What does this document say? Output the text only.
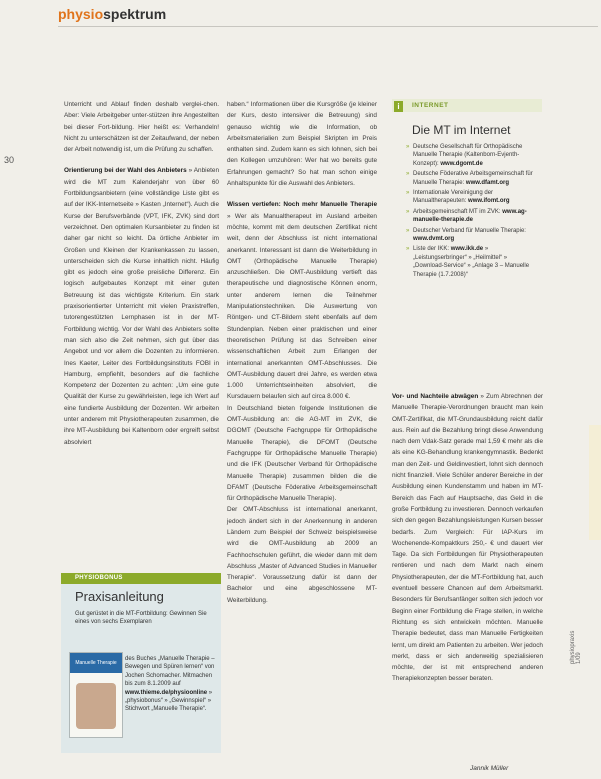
physiospektrum
30

Unterricht und Ablauf finden deshalb verglei-chen. Aber: Viele Arbeitgeber unter-stützen ihre Angestellten bei dieser Fort-bildung. Hier heißt es: Verhandeln! Nicht zu unterschätzen ist der Zeitaufwand, der neben der Arbeit notwendig ist, um die Prüfung zu schaffen.

Orientierung bei der Wahl des Anbieters » Anbieten wird die MT zum Kalenderjahr von über 60 Fortbildungsanbietern (eine vollständige Liste gibt es auf der IKK-Internetseite » Kasten „Internet“). Auch die Kurse der Berufsverbände (VPT, IFK, ZVK) sind dort verzeichnet. Den optimalen Kursanbieter zu finden ist daher gar nicht so leicht. Da örtliche Anbieter im Großen und Kleinen der Krankenkassen zu lassen, unterscheiden sich die Kurse inhaltlich nicht. Häufig gibt es jedoch eine große preisliche Differenz. Ein logisch aufgebautes Konzept mit einer guten Betreuung ist das wichtigste Kriterium. Ein stark praxisorientierter Unterricht mit vielen Praxistreffen, tutorengestützten Lernphasen ist in der MT-Fortbildung wichtig. Vor der Wahl des Anbieters sollte man sich also die Zeit nehmen, sich gut über das Angebot und vor allem die Dozenten zu informieren. Ines Kaeter, Leiter des Fortbildungsinstituts FOBI in Hamburg, empfiehlt, besonders auf die fachliche Kompetenz der Dozenten zu achten: „Um eine gute Qualität der Kurse zu gewährleisten, lege ich Wert auf eine fundierte Ausbildung der Dozenten. Wir arbeiten unter anderem mit Physiotherapeuten zusammen, die ihre MT-Ausbildung bei Kaltenborn oder ergreift selbst absolviert

haben.“ Informationen über die Kursgröße (je kleiner der Kurs, desto intensiver die Betreuung) sind genauso wichtig wie die Information, ob Arbeitsmaterialien zum Beispiel Skripten im Preis enthalten sind. Zudem kann es sich lohnen, sich bei den Kollegen umzuhören: Wer hat wo bereits gute Erfahrungen gemacht? So hat man schon einige Anhaltspunkte für die Auswahl des Anbieters.

Wissen vertiefen: Noch mehr Manuelle Therapie » Wer als Manualtherapeut im Ausland arbeiten möchte, kommt mit dem deutschen Zertifikat nicht weit, denn der Abschluss ist nicht international anerkannt. Interessant ist dann die Weiterbildung in OMT (Orthopädische Manuelle Therapie) anzuschließen. Die OMT-Ausbildung vertieft das therapeutische und diagnostische Können enorm, unter anderem lernen die Teilnehmer Manipulationstechniken. Die Auswertung von Röntgen- und CT-Bildern steht ebenfalls auf dem Stundenplan. Neben einer praktischen und einer theoretischen Prüfung ist das Schreiben einer wissenschaftlichen Arbeit zum Erlangen der international anerkannten OMT-Abschlusses. Die OMT-Ausbildung dauert drei Jahre, es werden etwa 1.000 Unterrichtseinheiten absolviert, die Kursdauern belaufen sich auf circa 8.000 €.

In Deutschland bieten folgende Institutionen die OMT-Ausbildung an: die AG-MT im ZVK, die DGOMT (Deutsche Fachgruppe für Orthopädische Manuelle Therapie), die DFOMT (Deutsche Fachgruppe für Orthopädische Manuelle Therapie) und die IFK (Deutscher Verband für Orthopädische Manuelle Therapie) zusammen bilden die die DFAMT (Deutsche Föderative Arbeitsgemeinschaft für Orthopädische Manuelle Therapie).

Der OMT-Abschluss ist international anerkannt, jedoch ändert sich in der Anerkennung in anderen Ländern zum Beispiel der Schweiz beispielsweise wird die OMT-Ausbildung ab 2009 an Fachhochschulen geführt, die wieder dann mit dem Abschluss „Master of Advanced Studies in Manueller Therapie“. Voraussetzung dafür ist dann der Bachelor und eine abgeschlossene MT-Weiterbildung.

Vor- und Nachteile abwägen » Zum Abrechnen der Manuelle Therapie-Verordnungen braucht man kein OMT-Zertifikat, die MT-Grundausbildung reicht dafür aus. Rein auf die Bezahlung bringt diese Anwendung nach dem Vdak-Satz gerade mal 1,59 € mehr als die als eine KG-Behandlung krankengymnastik. Bedenkt man den Zeit- und Geldinvestiert, lohnt sich dennoch nicht finanziell. Viele Schüler anderer Bereiche in der Ausbildung einen Kundenstamm und haben im MT-Bereich das Fach auf Hauptsache, das Geld in die große Fortbildung zu investieren. Dennoch verkaufen sich den gegen Bezahlungsleistungen Kursen besser bedarfs. Zum Vergleich: Für IAP-Kurs im Wochenende-Kompaktkurs 250,- € und dauert vier Tage. Da sich Fortbildungen für Physiotherapeuten rentieren und nach dem Markt nach einem Physiotherapeuten, der die MT-Fortbildung hat, auch eventuell bessere Chancen auf dem Arbeitsmarkt. Besonders für Berufsanfänger sollten sich jedoch vor Beginn einer Fortbildung die Frage stellen, in welche Richtung es sich entwickeln möchten. Manuelle Therapie bedeutet, dass man Manuelle Fertigkeiten lernt, um direkt am Patienten zu arbeiten. Wer jedoch merkt, dass er sich anderweitig spezialisieren möchte, der ist mit entsprechend anderen Therapiekonzepten besser beraten.

i	INTERNET
Die MT im Internet
» Deutsche Gesellschaft für Orthopädische Manuelle Therapie (Kaltenborn-Evjenth-Konzept): www.dgomt.de
» Deutsche Föderative Arbeitsgemeinschaft für Manuelle Therapie: www.dfamt.org
» Internationale Vereinigung der Manualtherapeuten: www.ifomt.org
» Arbeitsgemeinschaft MT im ZVK: www.ag-manuelle-therapie.de
» Deutscher Verband für Manuelle Therapie: www.dvmt.org
» Liste der IKK: www.ikk.de » „Leistungserbringer“ » „Heilmittel“ » „Download-Service“ » „Anlage 3 – Manuelle Therapie (1.7.2008)“
PHYSIOBONUS
Praxisanleitung
Gut gerüstet in die MT-Fortbildung: Gewinnen Sie eines von sechs Exemplaren
Manuelle Therapie
des Buches „Manuelle Therapie – Bewegen und Spüren lernen“ von Jochen Schomacher. Mitmachen bis zum 8.1.2009 auf www.thieme.de/physioonline » „physiobonus“ » „Gewinnspiel“ » Stichwort „Manuelle Therapie“.
Jannik Müller
physiopraxis 1/09
